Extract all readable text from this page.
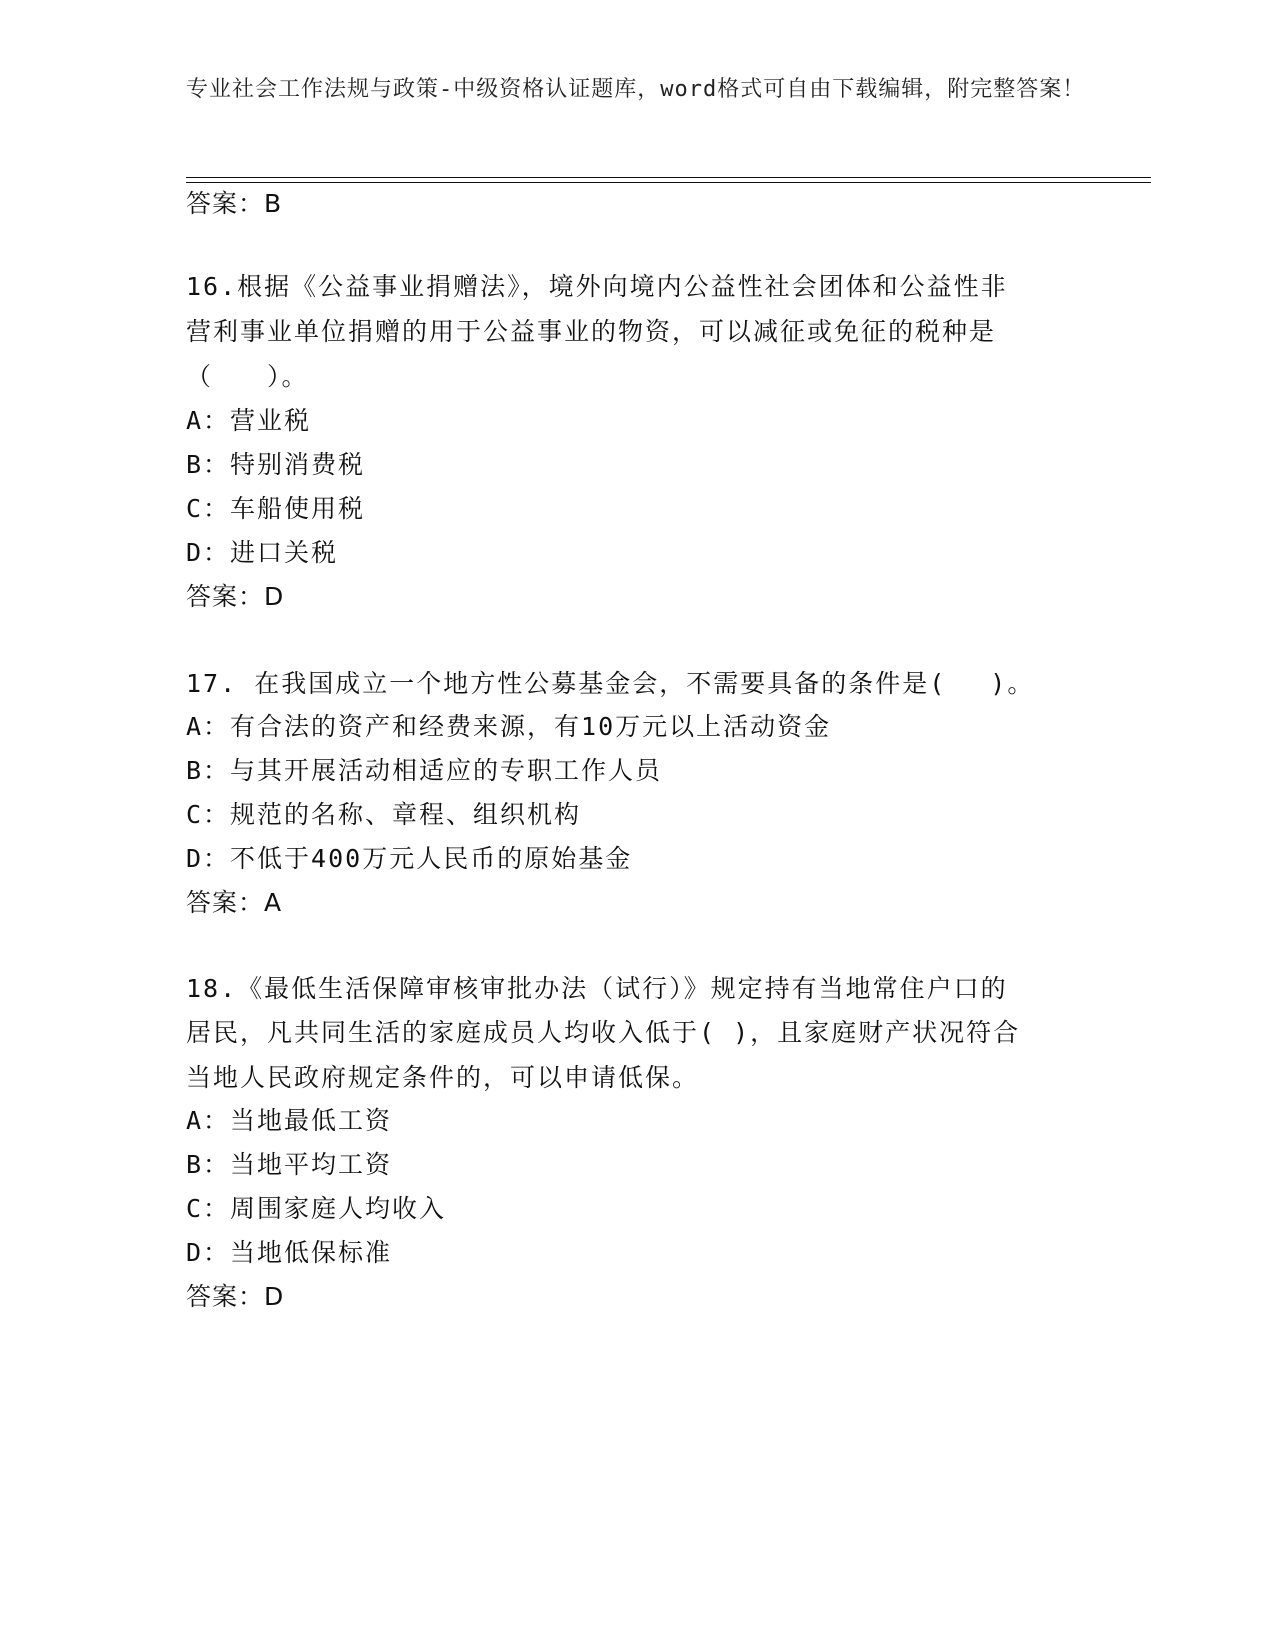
专业社会工作法规与政策-中级资格认证题库，word格式可自由下载编辑，附完整答案！
答案：B
16.根据《公益事业捐赠法》，境外向境内公益性社会团体和公益性非
营利事业单位捐赠的用于公益事业的物资，可以减征或免征的税种是
（　　）。
A：营业税
B：特别消费税
C：车船使用税
D：进口关税
答案：D
17. 在我国成立一个地方性公募基金会，不需要具备的条件是(　 )。
A：有合法的资产和经费来源，有10万元以上活动资金
B：与其开展活动相适应的专职工作人员
C：规范的名称、章程、组织机构
D：不低于400万元人民币的原始基金
答案：A
18.《最低生活保障审核审批办法（试行）》规定持有当地常住户口的
居民，凡共同生活的家庭成员人均收入低于( )，且家庭财产状况符合
当地人民政府规定条件的，可以申请低保。
A：当地最低工资
B：当地平均工资
C：周围家庭人均收入
D：当地低保标准
答案：D
